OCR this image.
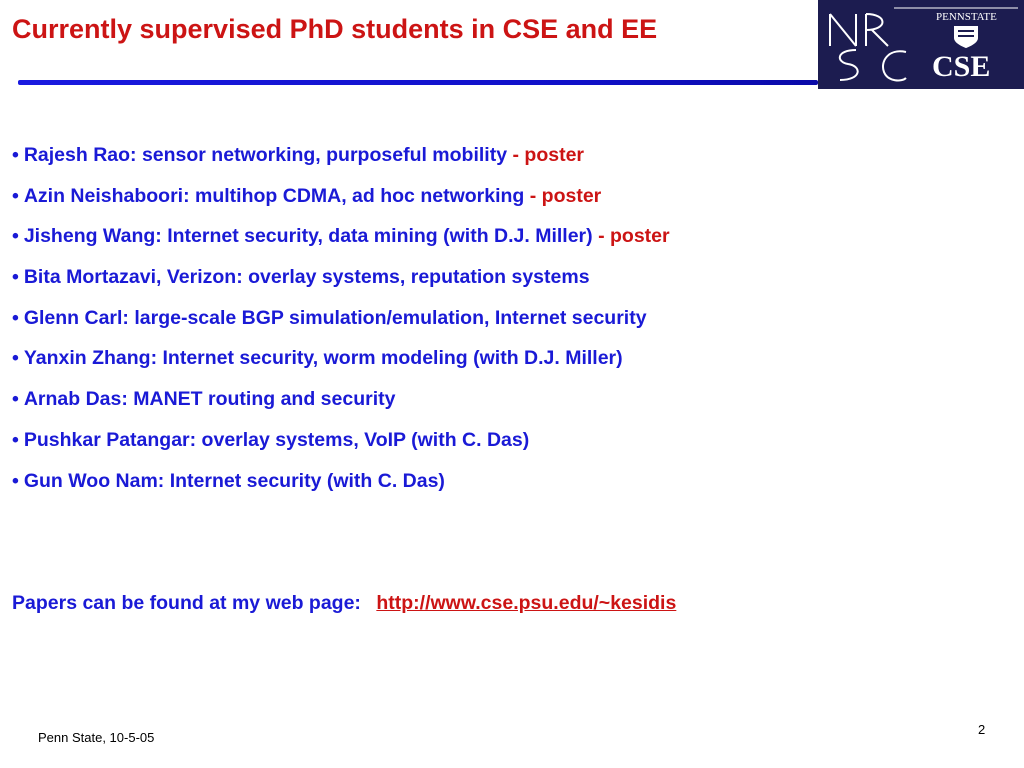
Currently supervised PhD students in CSE and EE	PENNSTATE
CSE
• Rajesh Rao: sensor networking, purposeful mobility - poster
• Azin Neishaboori: multihop CDMA, ad hoc networking - poster
• Jisheng Wang: Internet security, data mining (with D.J. Miller) - poster
• Bita Mortazavi, Verizon: overlay systems, reputation systems
• Glenn Carl: large-scale BGP simulation/emulation, Internet security
• Yanxin Zhang: Internet security, worm modeling (with D.J. Miller)
• Arnab Das: MANET routing and security
• Pushkar Patangar: overlay systems, VoIP (with C. Das)
• Gun Woo Nam: Internet security (with C. Das)
Papers can be found at my web page: http://www.cse.psu.edu/~kesidis
Penn State, 10-5-05
2
